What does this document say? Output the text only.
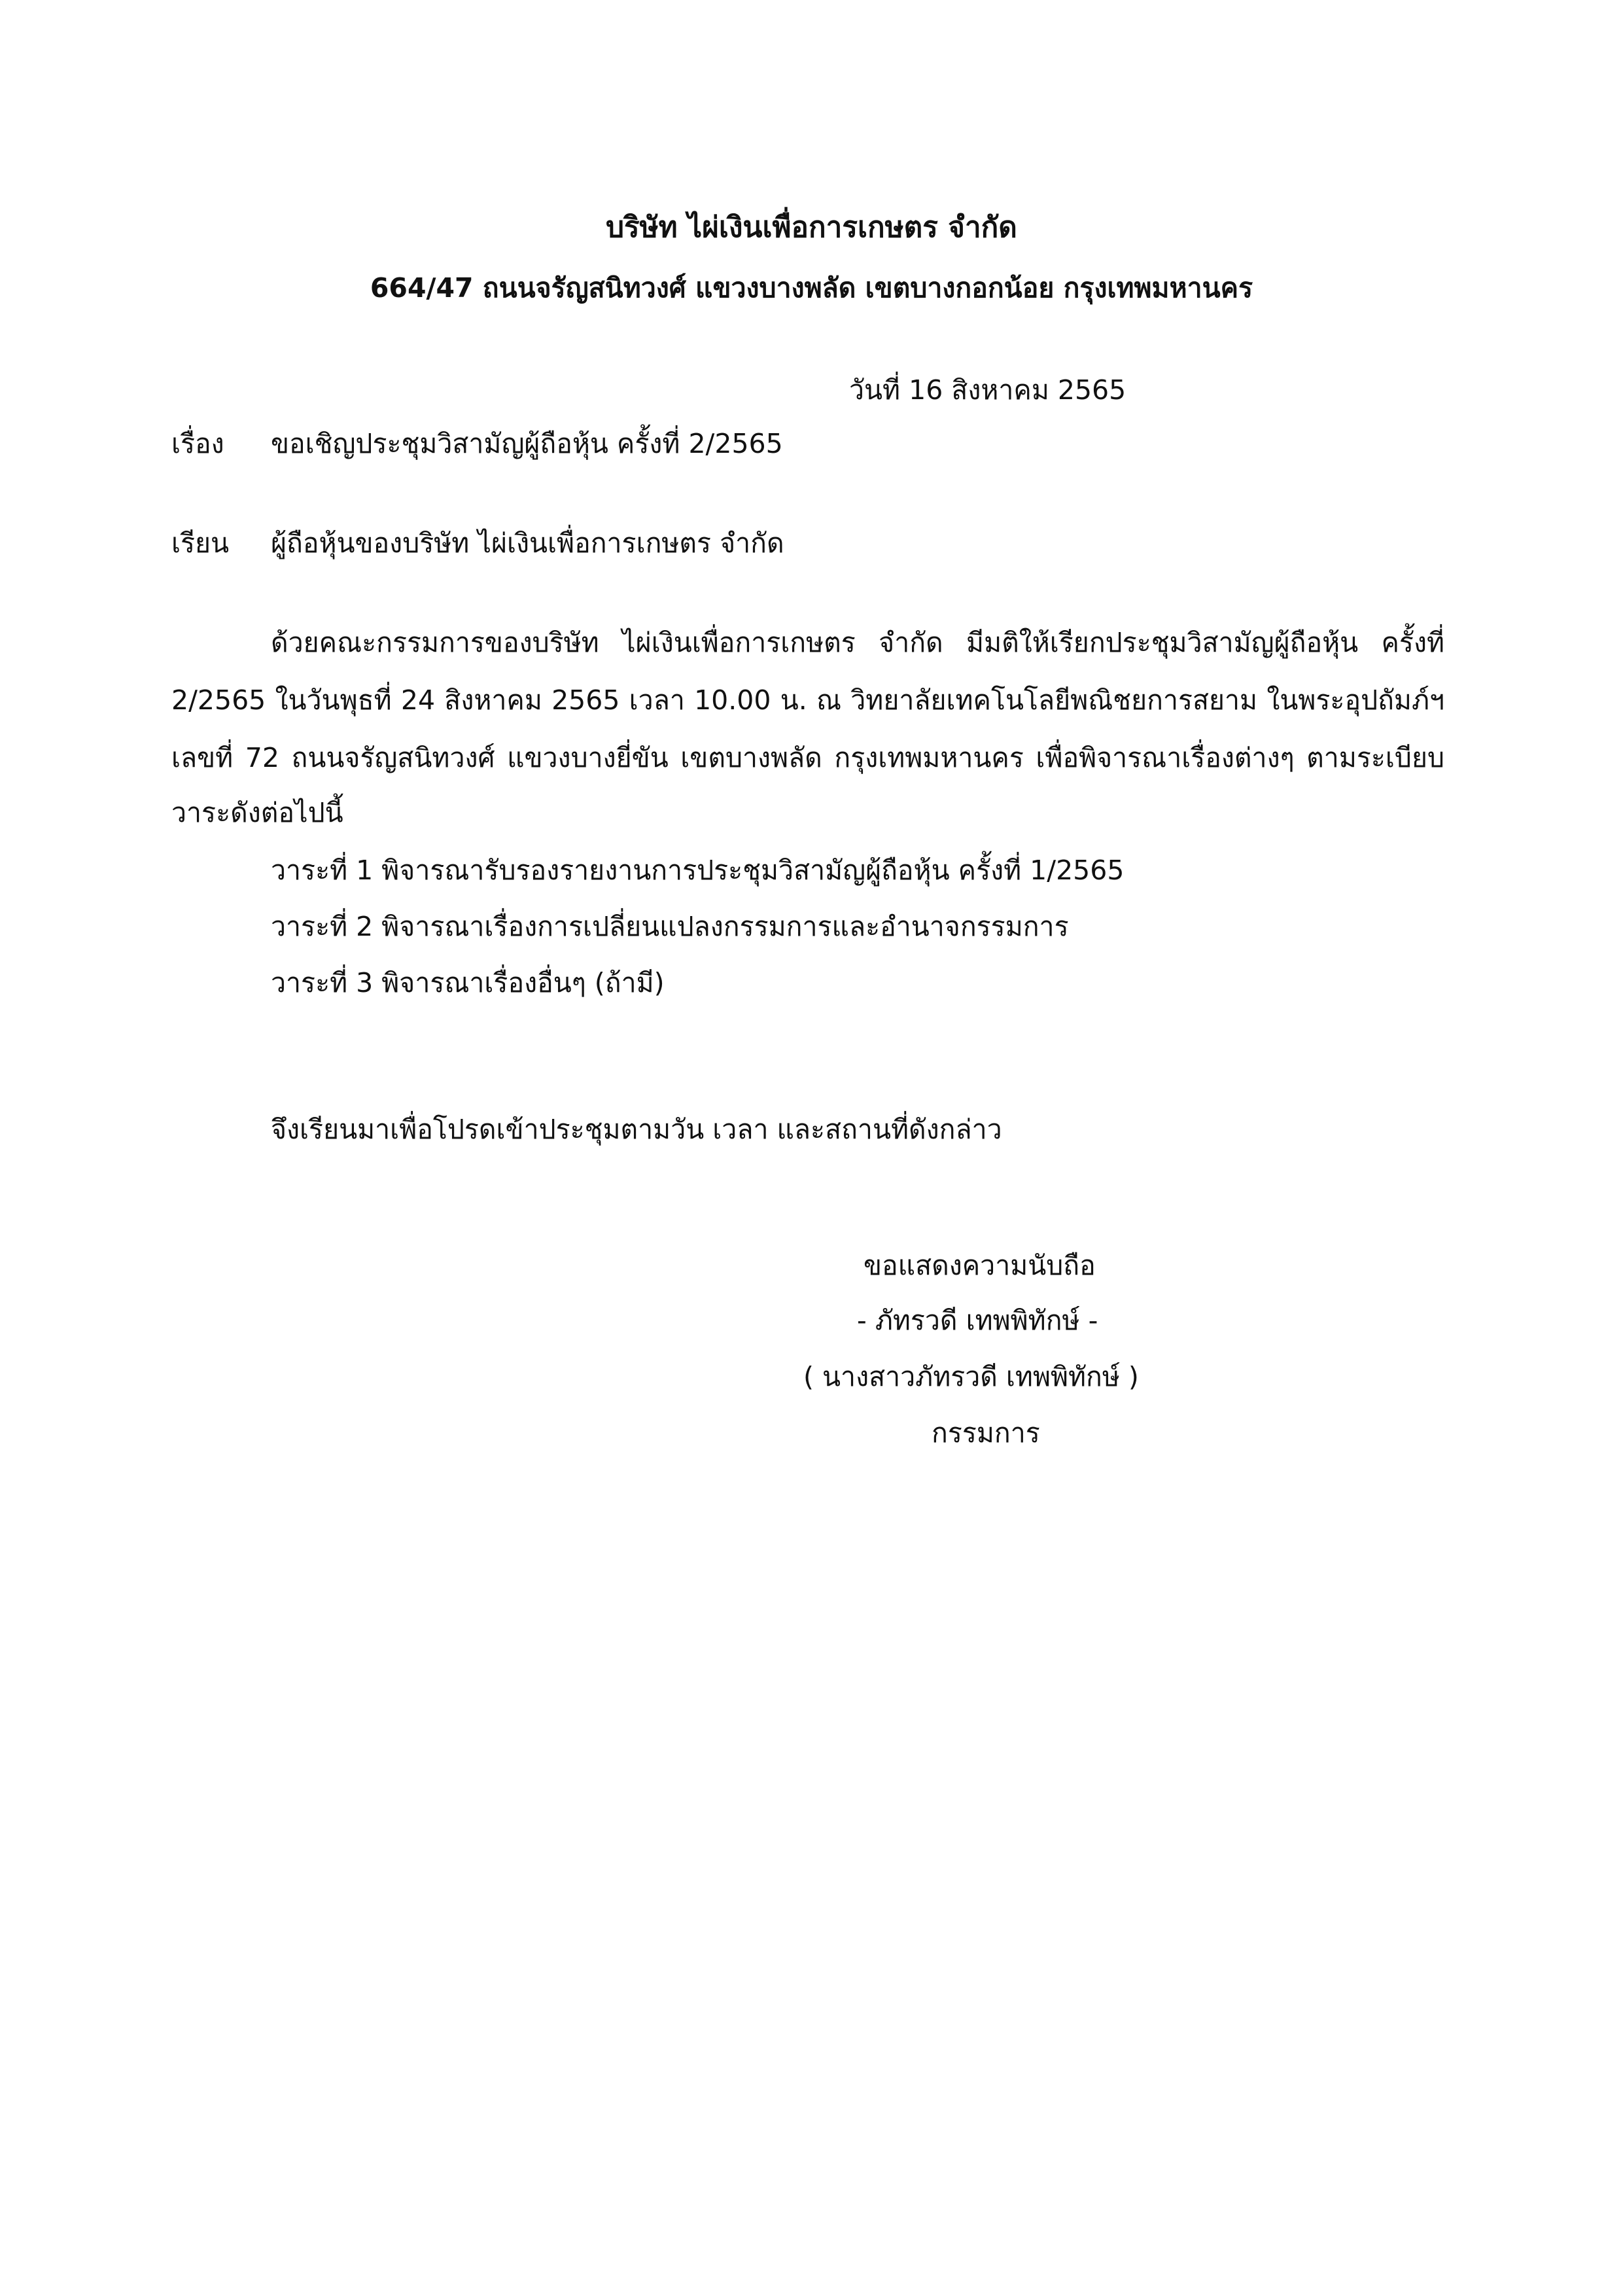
บริษัท ไผ่เงินเพื่อการเกษตร จำกัด
664/47 ถนนจรัญสนิทวงศ์ แขวงบางพลัด เขตบางกอกน้อย กรุงเทพมหานคร
วันที่ 16 สิงหาคม 2565
เรื่อง ขอเชิญประชุมวิสามัญผู้ถือหุ้น ครั้งที่ 2/2565
เรียน ผู้ถือหุ้นของบริษัท ไผ่เงินเพื่อการเกษตร จำกัด
ด้วยคณะกรรมการของบริษัท ไผ่เงินเพื่อการเกษตร จำกัด มีมติให้เรียกประชุมวิสามัญผู้ถือหุ้น ครั้งที่
2/2565 ในวันพุธที่ 24 สิงหาคม 2565 เวลา 10.00 น. ณ วิทยาลัยเทคโนโลยีพณิชยการสยาม ในพระอุปถัมภ์ฯ
เลขที่ 72 ถนนจรัญสนิทวงศ์ แขวงบางยี่ขัน เขตบางพลัด กรุงเทพมหานคร เพื่อพิจารณาเรื่องต่างๆ ตามระเบียบ
วาระดังต่อไปนี้
วาระที่ 1 พิจารณารับรองรายงานการประชุมวิสามัญผู้ถือหุ้น ครั้งที่ 1/2565
วาระที่ 2 พิจารณาเรื่องการเปลี่ยนแปลงกรรมการและอำนาจกรรมการ
วาระที่ 3 พิจารณาเรื่องอื่นๆ (ถ้ามี)
จึงเรียนมาเพื่อโปรดเข้าประชุมตามวัน เวลา และสถานที่ดังกล่าว
ขอแสดงความนับถือ
- ภัทรวดี เทพพิทักษ์ -
( นางสาวภัทรวดี เทพพิทักษ์ )
กรรมการ
